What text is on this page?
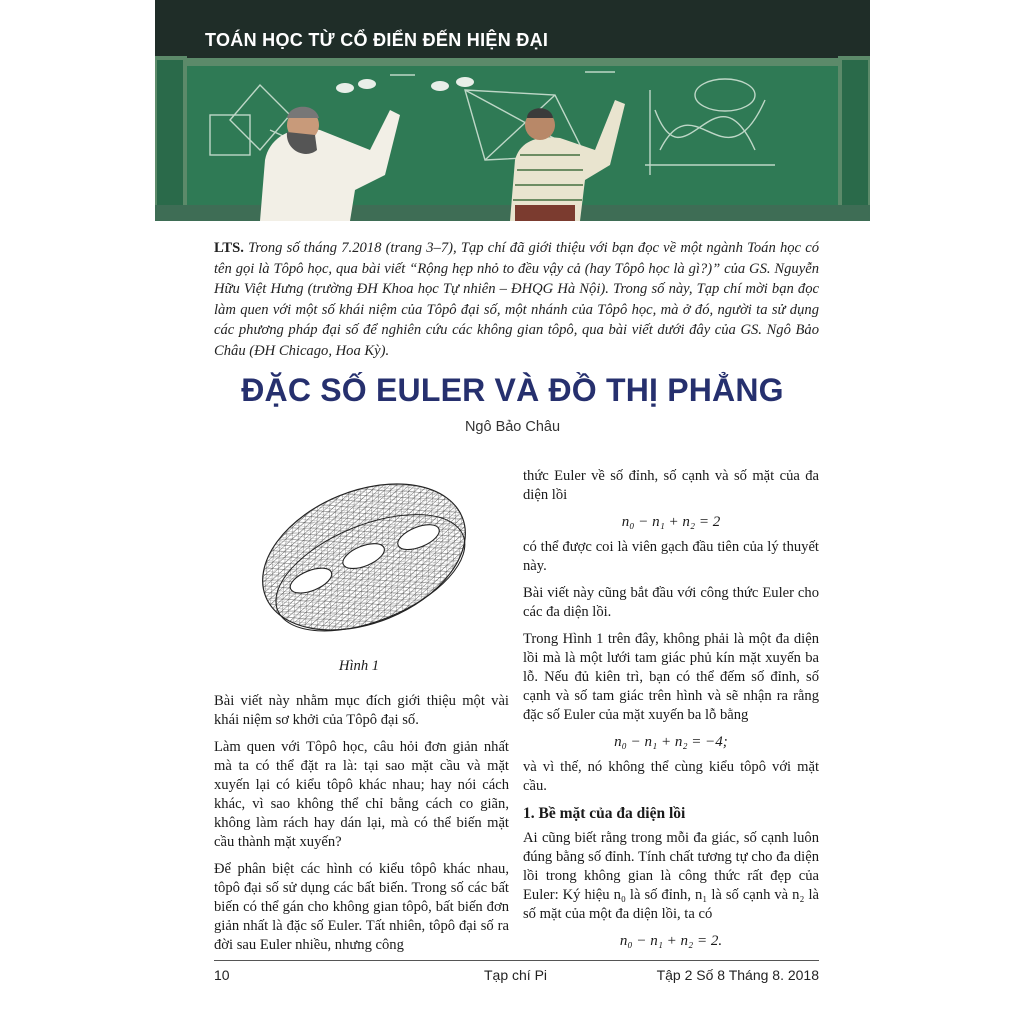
TOÁN HỌC TỪ CỔ ĐIỂN ĐẾN HIỆN ĐẠI
LTS. Trong số tháng 7.2018 (trang 3–7), Tạp chí đã giới thiệu với bạn đọc về một ngành Toán học có tên gọi là Tôpô học, qua bài viết “Rộng hẹp nhỏ to đều vậy cả (hay Tôpô học là gì?)” của GS. Nguyễn Hữu Việt Hưng (trường ĐH Khoa học Tự nhiên – ĐHQG Hà Nội). Trong số này, Tạp chí mời bạn đọc làm quen với một số khái niệm của Tôpô đại số, một nhánh của Tôpô học, mà ở đó, người ta sử dụng các phương pháp đại số để nghiên cứu các không gian tôpô, qua bài viết dưới đây của GS. Ngô Bảo Châu (ĐH Chicago, Hoa Kỳ).
ĐẶC SỐ EULER VÀ ĐỒ THỊ PHẲNG
Ngô Bảo Châu
Hình 1

Bài viết này nhằm mục đích giới thiệu một vài khái niệm sơ khởi của Tôpô đại số.

Làm quen với Tôpô học, câu hỏi đơn giản nhất mà ta có thể đặt ra là: tại sao mặt cầu và mặt xuyến lại có kiểu tôpô khác nhau; hay nói cách khác, vì sao không thể chỉ bằng cách co giãn, không làm rách hay dán lại, mà có thể biến mặt cầu thành mặt xuyến?

Để phân biệt các hình có kiểu tôpô khác nhau, tôpô đại số sử dụng các bất biến. Trong số các bất biến có thể gán cho không gian tôpô, bất biến đơn giản nhất là đặc số Euler. Tất nhiên, tôpô đại số ra đời sau Euler nhiều, nhưng công

thức Euler về số đỉnh, số cạnh và số mặt của đa diện lồi

n₀ − n₁ + n₂ = 2

có thể được coi là viên gạch đầu tiên của lý thuyết này.

Bài viết này cũng bắt đầu với công thức Euler cho các đa diện lồi.

Trong Hình 1 trên đây, không phải là một đa diện lồi mà là một lưới tam giác phủ kín mặt xuyến ba lỗ. Nếu đủ kiên trì, bạn có thể đếm số đỉnh, số cạnh và số tam giác trên hình và sẽ nhận ra rằng đặc số Euler của mặt xuyến ba lỗ bằng

n₀ − n₁ + n₂ = −4;

và vì thế, nó không thể cùng kiểu tôpô với mặt cầu.

1. Bề mặt của đa diện lồi

Ai cũng biết rằng trong mỗi đa giác, số cạnh luôn đúng bằng số đỉnh. Tính chất tương tự cho đa diện lồi trong không gian là công thức rất đẹp của Euler: Ký hiệu n₀ là số đỉnh, n₁ là số cạnh và n₂ là số mặt của một đa diện lồi, ta có

n₀ − n₁ + n₂ = 2.
10	Tạp chí Pi	Tập 2 Số 8 Tháng 8. 2018
